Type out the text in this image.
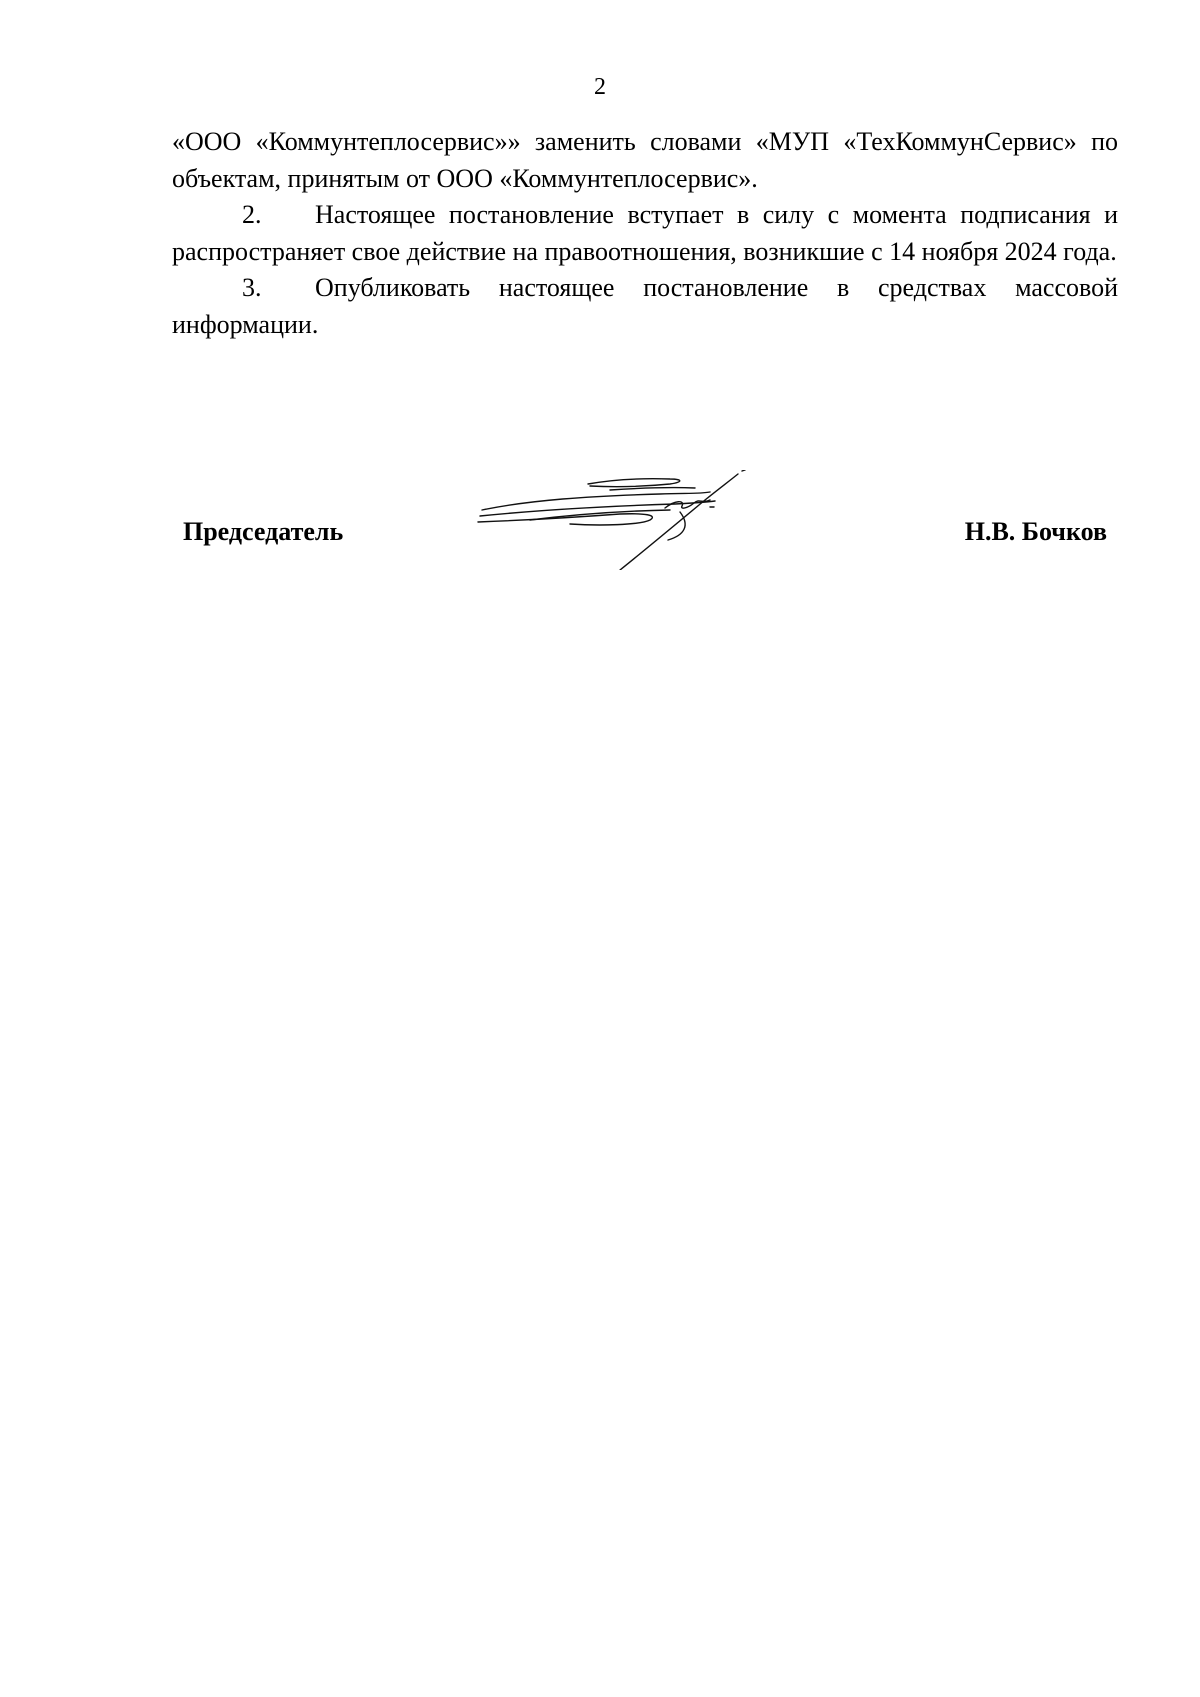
2

«ООО «Коммунтеплосервис»» заменить словами «МУП «ТехКоммунСервис» по объектам, принятым от ООО «Коммунтеплосервис».

2. Настоящее постановление вступает в силу с момента подписания и распространяет свое действие на правоотношения, возникшие с 14 ноября 2024 года.

3. Опубликовать настоящее постановление в средствах массовой информации.

Председатель	Н.В. Бочков
